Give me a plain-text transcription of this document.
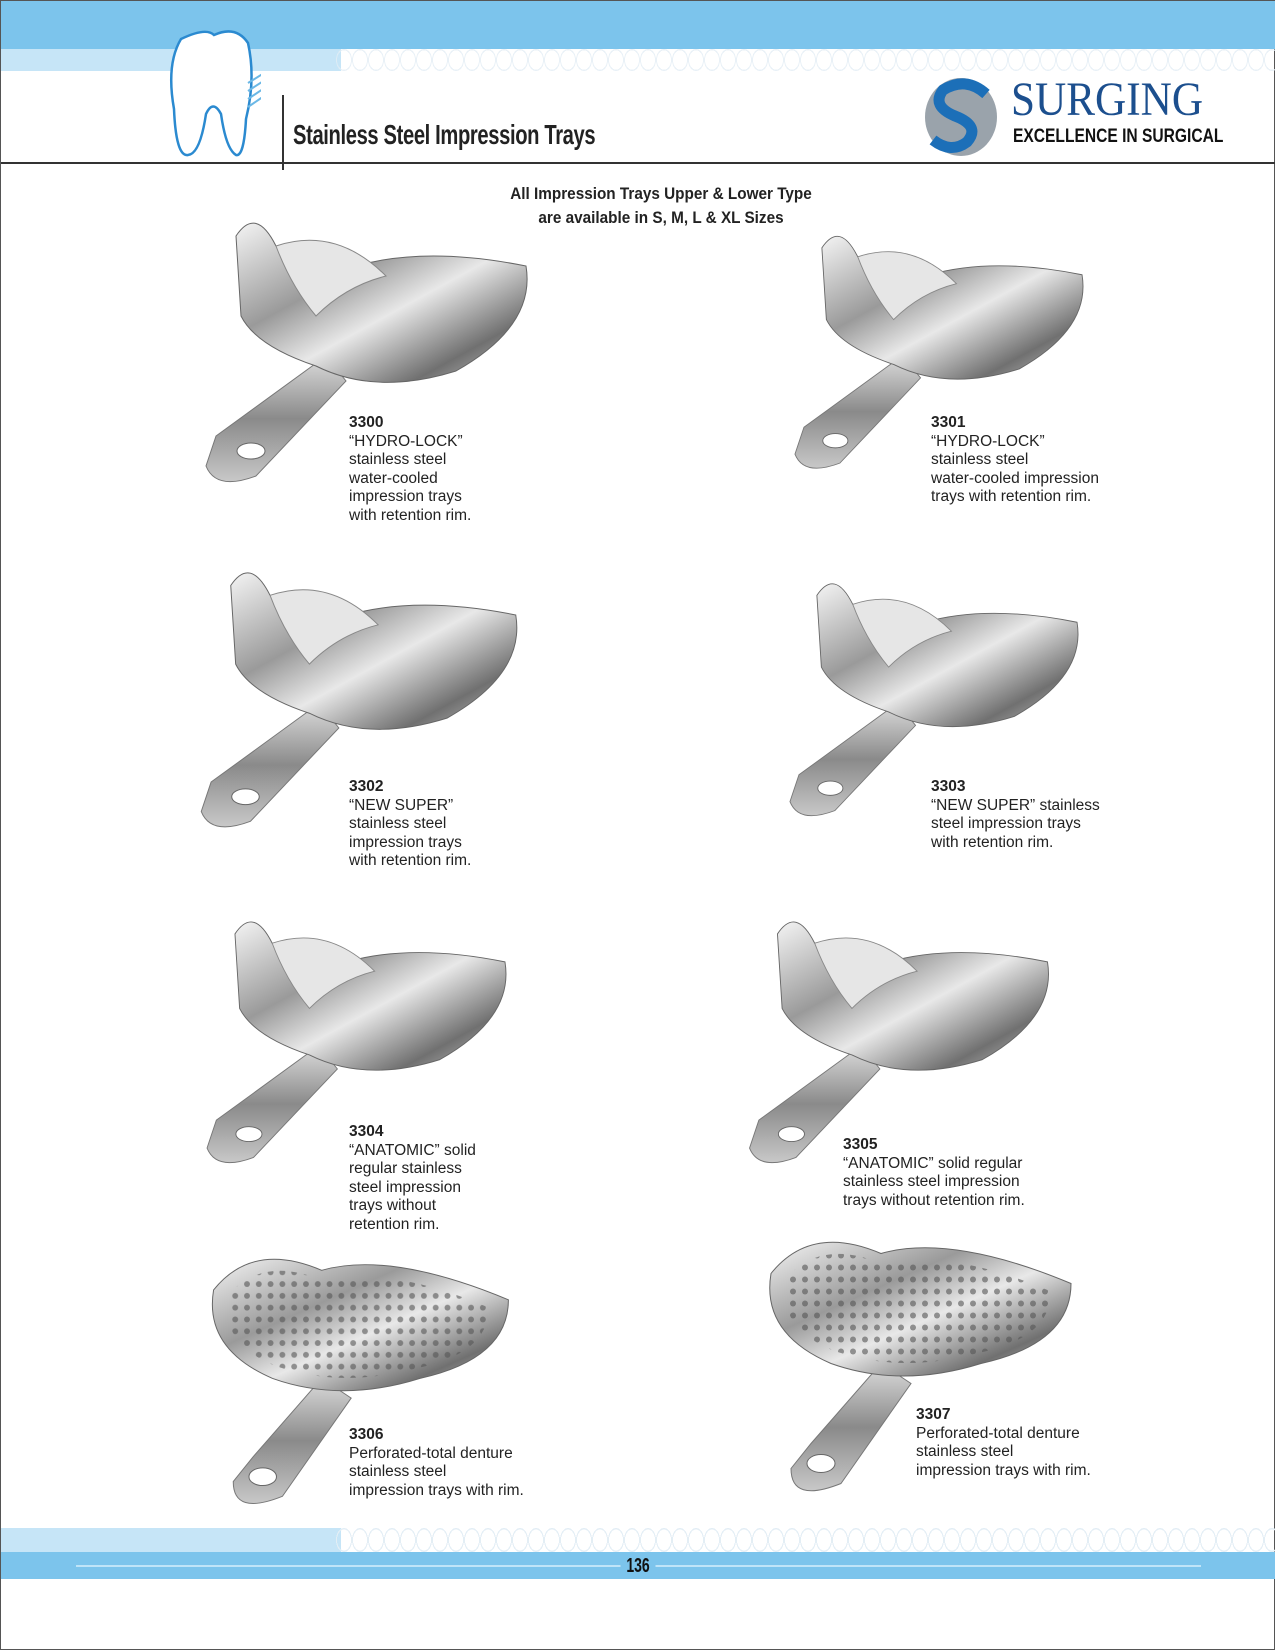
Stainless Steel Impression Trays
SURGING
EXCELLENCE IN SURGICAL
All Impression Trays Upper & Lower Type
are available in S, M, L & XL Sizes
3300
“HYDRO-LOCK”
stainless steel
water-cooled
impression trays
with retention rim.
3301
“HYDRO-LOCK”
stainless steel
water-cooled impression
trays with retention rim.
3302
“NEW SUPER”
stainless steel
impression trays
with retention rim.
3303
“NEW SUPER” stainless
steel impression trays
with retention rim.
3304
“ANATOMIC” solid
regular stainless
steel impression
trays without
retention rim.
3305
“ANATOMIC” solid regular
stainless steel impression
trays without retention rim.
3306
Perforated-total denture
stainless steel
impression trays with rim.
3307
Perforated-total denture
stainless steel
impression trays with rim.
136
